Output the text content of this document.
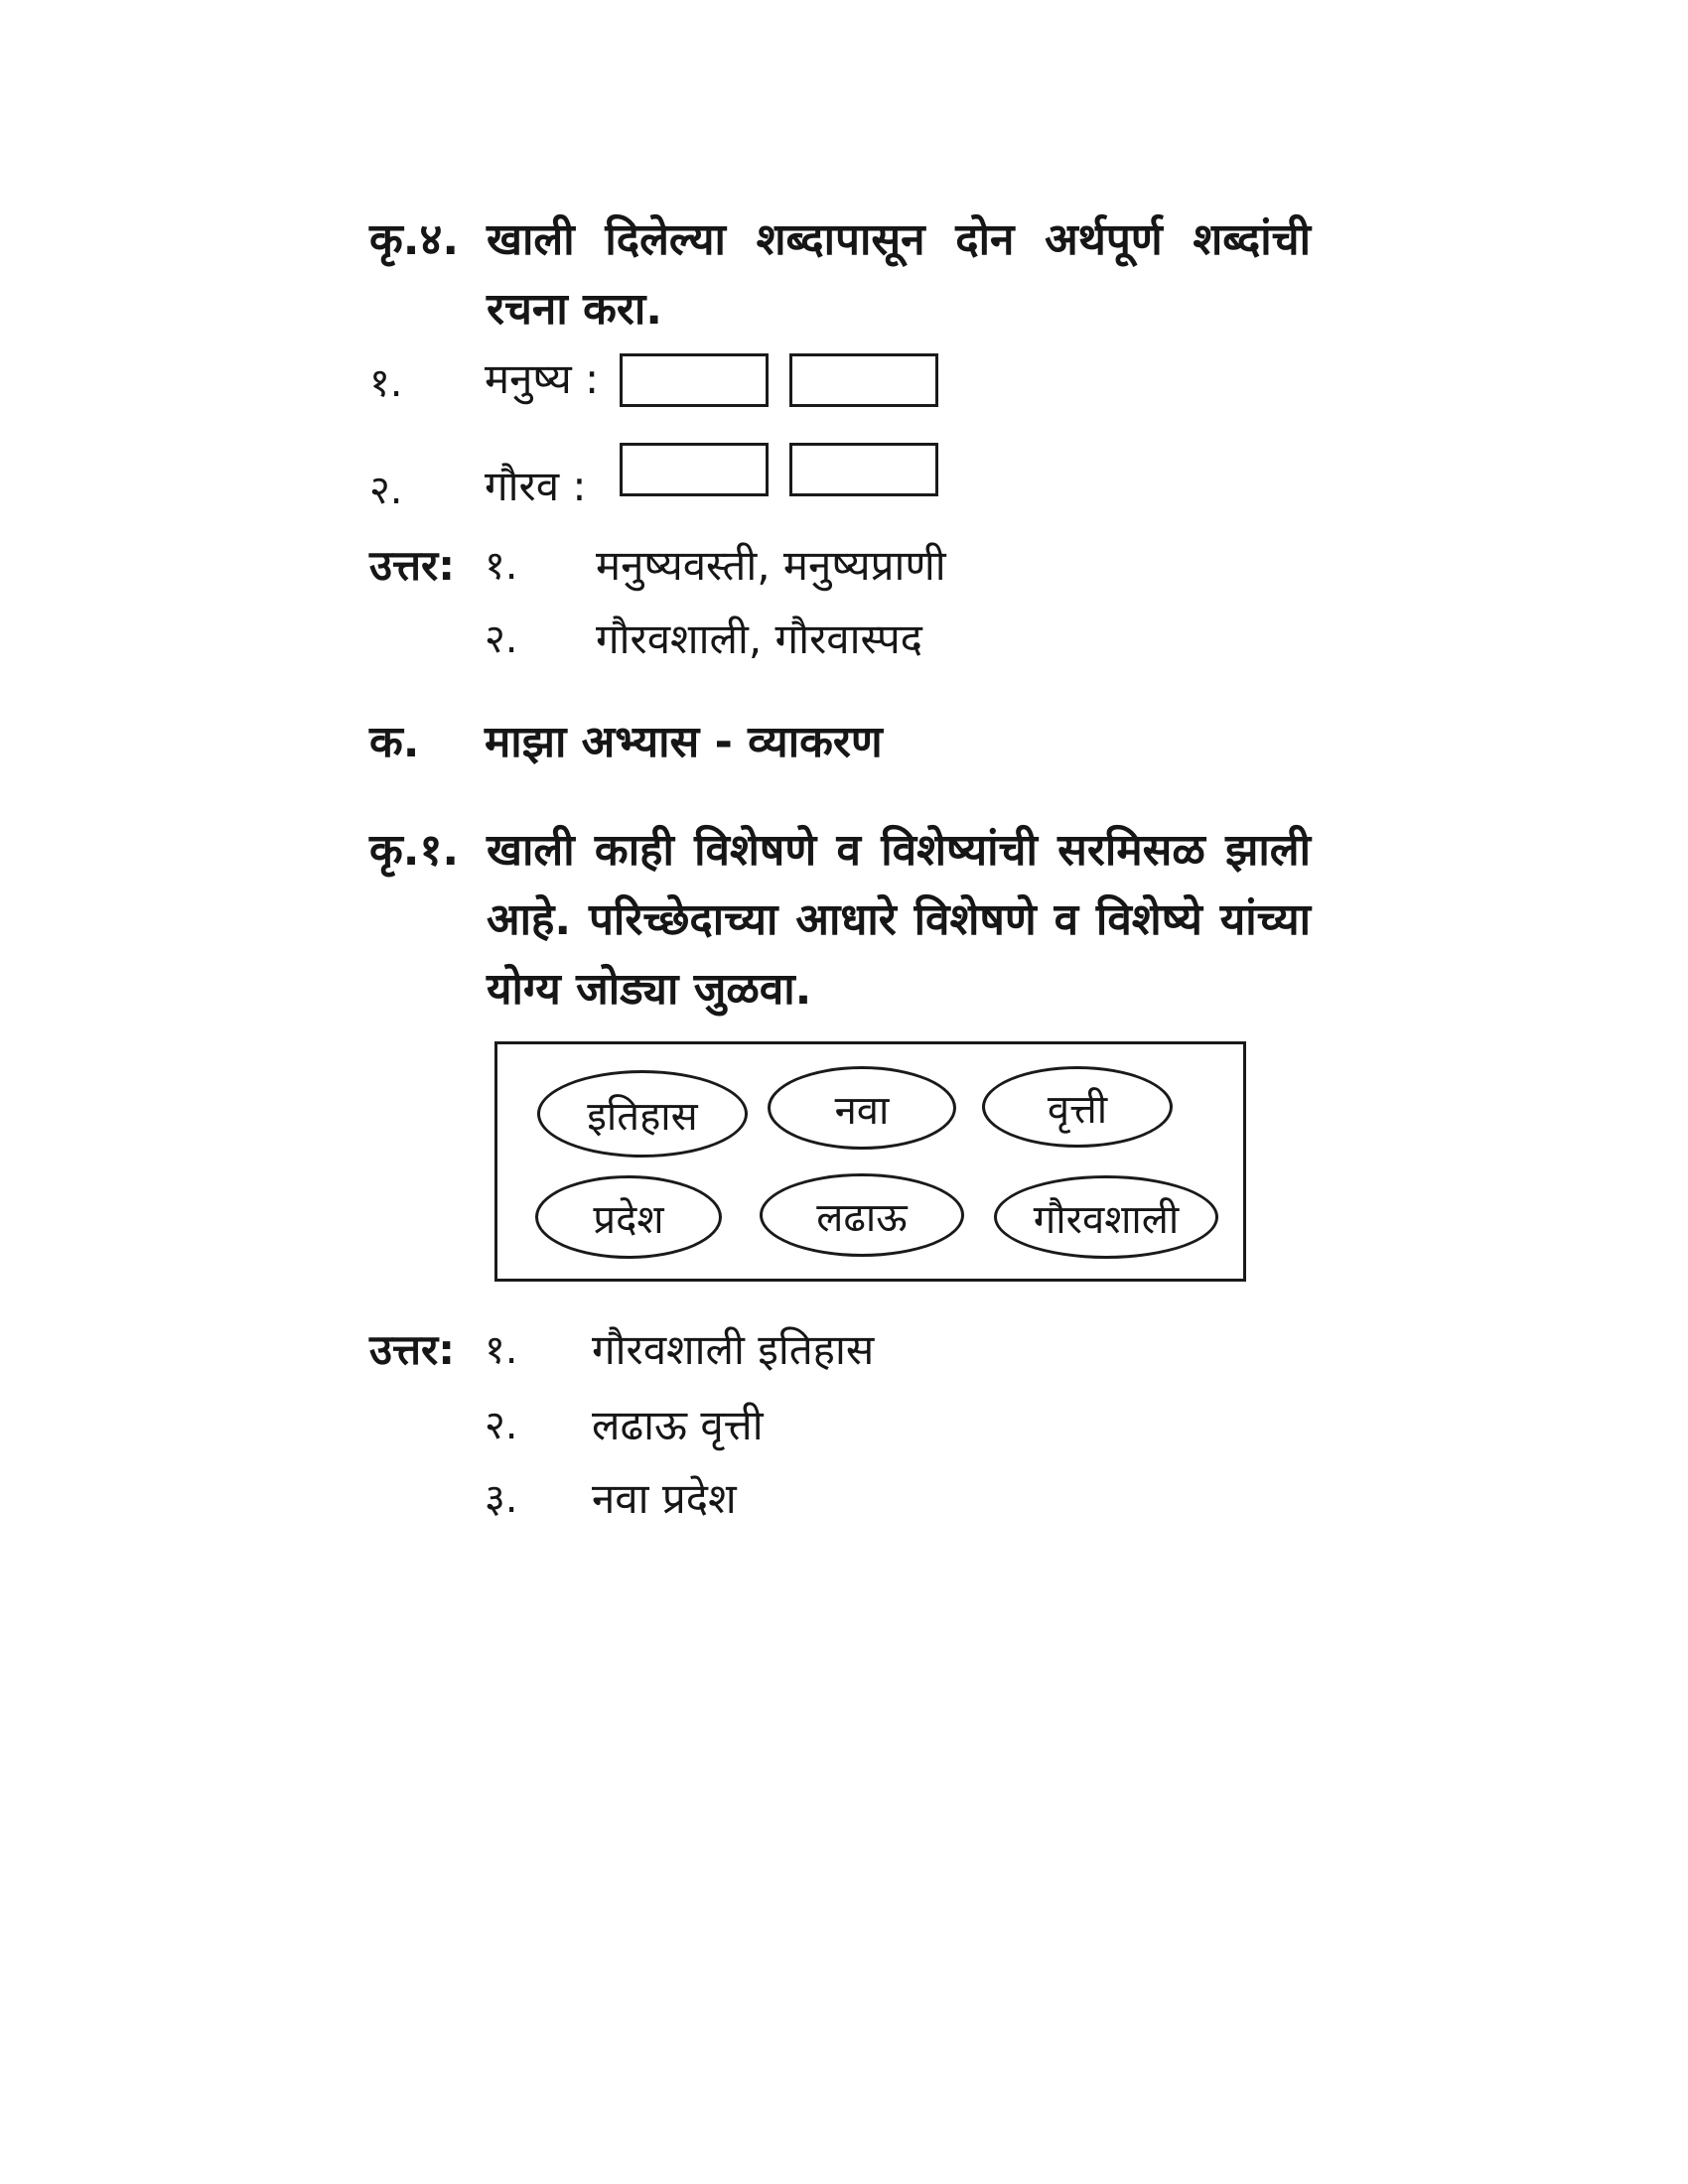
कृ.४. खाली दिलेल्या शब्दापासून दोन अर्थपूर्ण शब्दांची रचना करा.
१. मनुष्य :
२. गौरव :
उत्तर: १. मनुष्यवस्ती, मनुष्यप्राणी
२. गौरवशाली, गौरवास्पद
क. माझा अभ्यास - व्याकरण
कृ.१. खाली काही विशेषणे व विशेष्यांची सरमिसळ झाली आहे. परिच्छेदाच्या आधारे विशेषणे व विशेष्ये यांच्या योग्य जोड्या जुळवा.
इतिहास	नवा	वृत्ती
प्रदेश	लढाऊ	गौरवशाली
उत्तर: १. गौरवशाली इतिहास
२. लढाऊ वृत्ती
३. नवा प्रदेश
